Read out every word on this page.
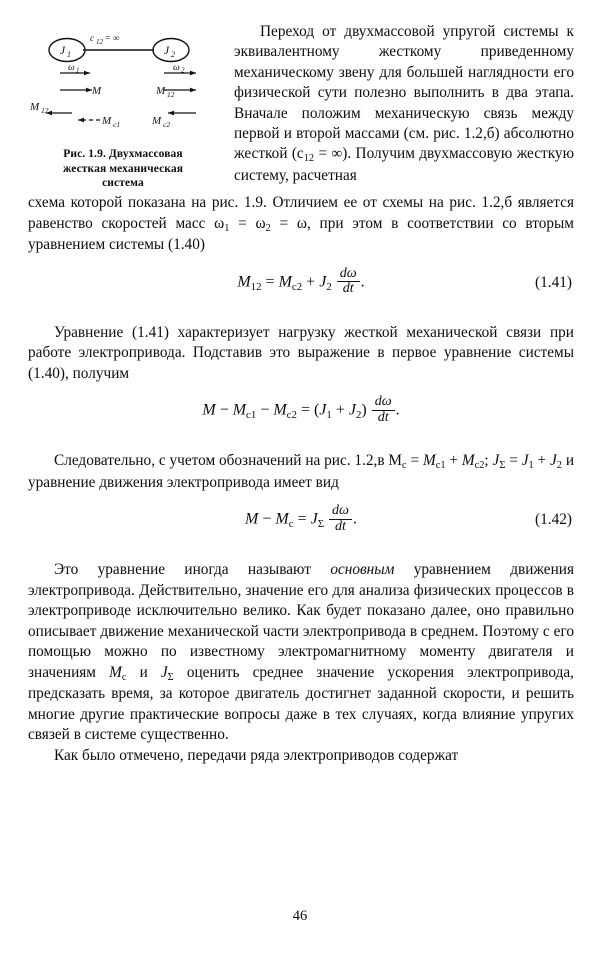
c 12 = ∞
J 1	J 2
ω 1	ω 2
M	M 12
M 12
M c1	M c2
Рис. 1.9. Двухмассовая
жесткая механическая
система

Переход от двухмассовой упругой системы к эквивалентному жесткому приведенному механическому звену для большей наглядности его физической сути полезно выполнить в два этапа. Вначале положим механическую связь между первой и второй массами (см. рис. 1.2,б) абсолютно жесткой ($c_{12}$ = ∞). Получим двухмассовую жесткую систему, расчетная

схема которой показана на рис. 1.9. Отличием ее от схемы на рис. 1.2,б является равенство скоростей масс $\omega_1 = \omega_2 = \omega$, при этом в соответствии со вторым уравнением системы (1.40)

$M_{12} = M_{c2} + J_2 \frac{d\omega}{dt}$ .	(1.41)

Уравнение (1.41) характеризует нагрузку жесткой механической связи при работе электропривода. Подставив это выражение в первое уравнение системы (1.40), получим

$M - M_{c1} - M_{c2} = (J_1 + J_2) \frac{d\omega}{dt}$ .

Следовательно, с учетом обозначений на рис. 1.2,в $M_c = M_{c1} + M_{c2}$; $J_\Sigma = J_1 + J_2$ и уравнение движения электропривода имеет вид

$M - M_c = J_\Sigma \frac{d\omega}{dt}$ .	(1.42)

Это уравнение иногда называют основным уравнением движения электропривода. Действительно, значение его для анализа физических процессов в электроприводе исключительно велико. Как будет показано далее, оно правильно описывает движение механической части электропривода в среднем. Поэтому с его помощью можно по известному электромагнитному моменту двигателя и значениям $M_c$ и $J_\Sigma$ оценить среднее значение ускорения электропривода, предсказать время, за которое двигатель достигнет заданной скорости, и решить многие другие практические вопросы даже в тех случаях, когда влияние упругих связей в системе существенно.

Как было отмечено, передачи ряда электроприводов содержат

46
